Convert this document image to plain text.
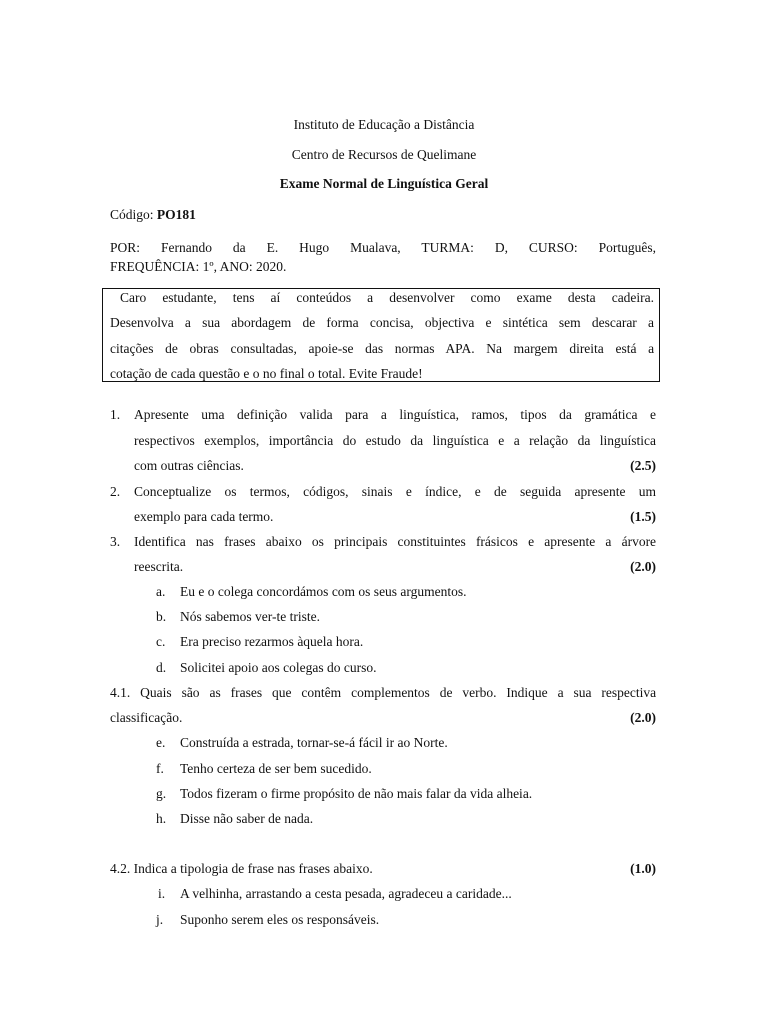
Instituto de Educação a Distância
Centro de Recursos de Quelimane
Exame Normal de Linguística Geral
Código: PO181
POR: Fernando da E. Hugo Mualava, TURMA: D, CURSO: Português,
FREQUÊNCIA: 1º, ANO: 2020.
Caro estudante, tens aí conteúdos a desenvolver como exame desta cadeira.
Desenvolva a sua abordagem de forma concisa, objectiva e sintética sem descarar a
citações de obras consultadas, apoie-se das normas APA. Na margem direita está a
cotação de cada questão e o no final o total. Evite Fraude!
1. Apresente uma definição valida para a linguística, ramos, tipos da gramática e
respectivos exemplos, importância do estudo da linguística e a relação da linguística
com outras ciências.	(2.5)
2. Conceptualize os termos, códigos, sinais e índice, e de seguida apresente um
exemplo para cada termo.	(1.5)
3. Identifica nas frases abaixo os principais constituintes frásicos e apresente a árvore
reescrita.	(2.0)
a. Eu e o colega concordámos com os seus argumentos.
b. Nós sabemos ver-te triste.
c. Era preciso rezarmos àquela hora.
d. Solicitei apoio aos colegas do curso.
4.1. Quais são as frases que contêm complementos de verbo. Indique a sua respectiva
classificação.	(2.0)
e. Construída a estrada, tornar-se-á fácil ir ao Norte.
f. Tenho certeza de ser bem sucedido.
g. Todos fizeram o firme propósito de não mais falar da vida alheia.
h. Disse não saber de nada.
4.2. Indica a tipologia de frase nas frases abaixo.	(1.0)
i. A velhinha, arrastando a cesta pesada, agradeceu a caridade...
j. Suponho serem eles os responsáveis.
